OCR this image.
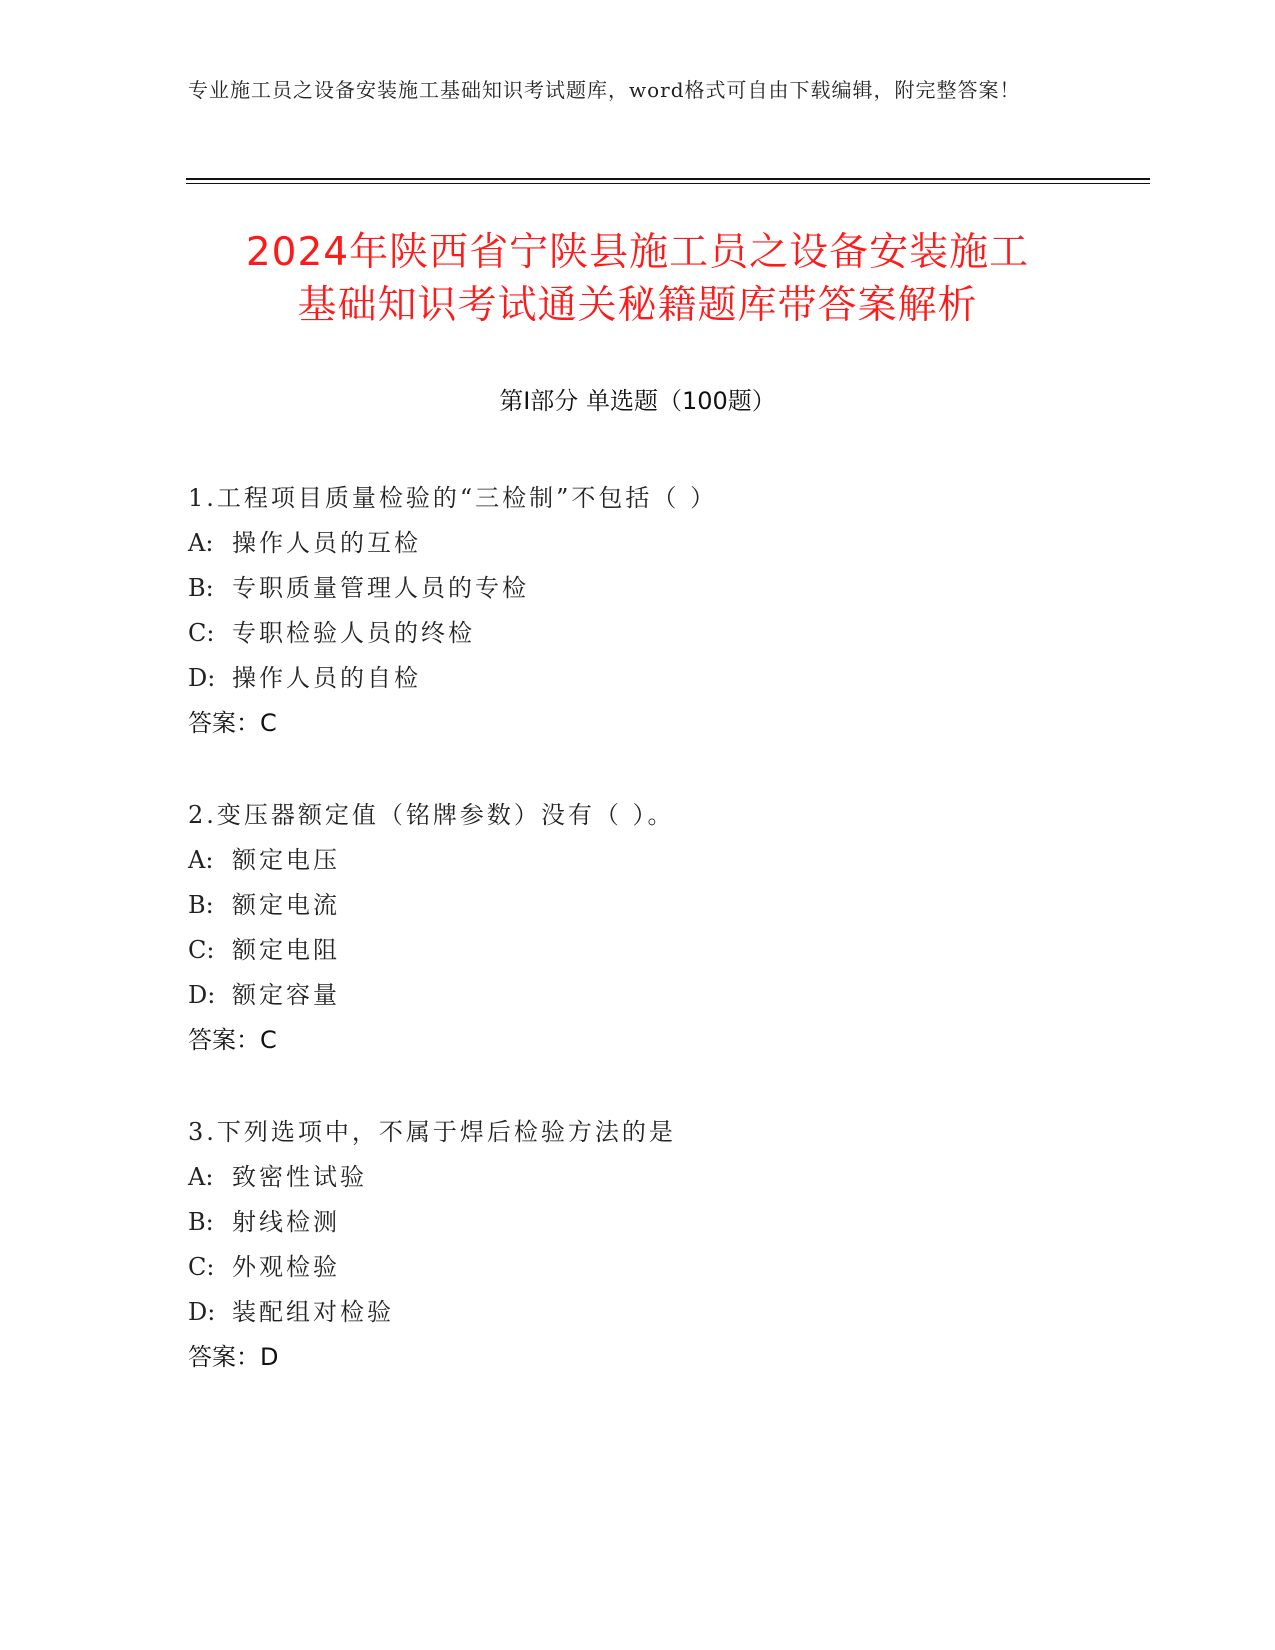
专业施工员之设备安装施工基础知识考试题库，word格式可自由下载编辑，附完整答案！
2024年陕西省宁陕县施工员之设备安装施工
基础知识考试通关秘籍题库带答案解析
第Ⅰ部分 单选题（100题）
1.工程项目质量检验的“三检制”不包括（ ）
A: 操作人员的互检
B: 专职质量管理人员的专检
C: 专职检验人员的终检
D: 操作人员的自检
答案：C
2.变压器额定值（铭牌参数）没有（ ）。
A: 额定电压
B: 额定电流
C: 额定电阻
D: 额定容量
答案：C
3.下列选项中，不属于焊后检验方法的是
A: 致密性试验
B: 射线检测
C: 外观检验
D: 装配组对检验
答案：D
